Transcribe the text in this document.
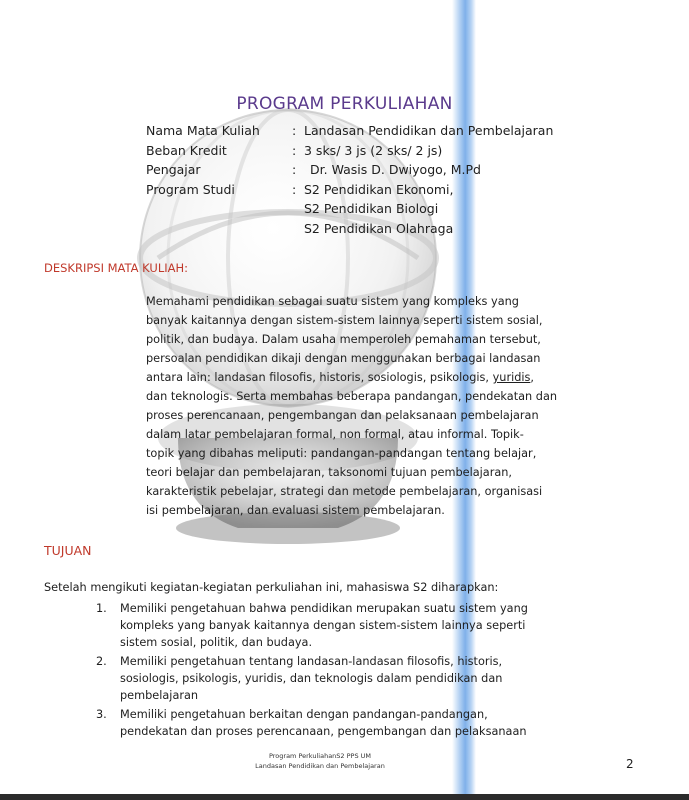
PROGRAM PERKULIAHAN
Nama Mata Kuliah	: Landasan Pendidikan dan Pembelajaran
Beban Kredit	: 3 sks/ 3 js (2 sks/ 2 js)
Pengajar	:	Dr. Wasis D. Dwiyogo, M.Pd
Program Studi	: S2 Pendidikan Ekonomi,
S2 Pendidikan Biologi
S2 Pendidikan Olahraga
DESKRIPSI MATA KULIAH:

Memahami pendidikan sebagai suatu sistem yang kompleks yang
banyak kaitannya dengan sistem-sistem lainnya seperti sistem sosial,
politik, dan budaya. Dalam usaha memperoleh pemahaman tersebut,
persoalan pendidikan dikaji dengan menggunakan berbagai landasan
antara lain: landasan filosofis, historis, sosiologis, psikologis, yuridis,
dan teknologis. Serta membahas beberapa pandangan, pendekatan dan
proses perencanaan, pengembangan dan pelaksanaan pembelajaran
dalam latar pembelajaran formal, non formal, atau informal. Topik-
topik yang dibahas meliputi: pandangan-pandangan tentang belajar,
teori belajar dan pembelajaran, taksonomi tujuan pembelajaran,
karakteristik pebelajar, strategi dan metode pembelajaran, organisasi
isi pembelajaran, dan evaluasi sistem pembelajaran.

TUJUAN

Setelah mengikuti kegiatan-kegiatan perkuliahan ini, mahasiswa S2 diharapkan:

1.	Memiliki pengetahuan bahwa pendidikan merupakan suatu sistem yang
kompleks yang banyak kaitannya dengan sistem-sistem lainnya seperti
sistem sosial, politik, dan budaya.
2.	Memiliki pengetahuan tentang landasan-landasan filosofis, historis,
sosiologis, psikologis, yuridis, dan teknologis dalam pendidikan dan
pembelajaran
3.	Memiliki pengetahuan berkaitan dengan pandangan-pandangan,
pendekatan dan proses perencanaan, pengembangan dan pelaksanaan
Program PerkuliahanS2 PPS UM
Landasan Pendidikan dan Pembelajaran	2
